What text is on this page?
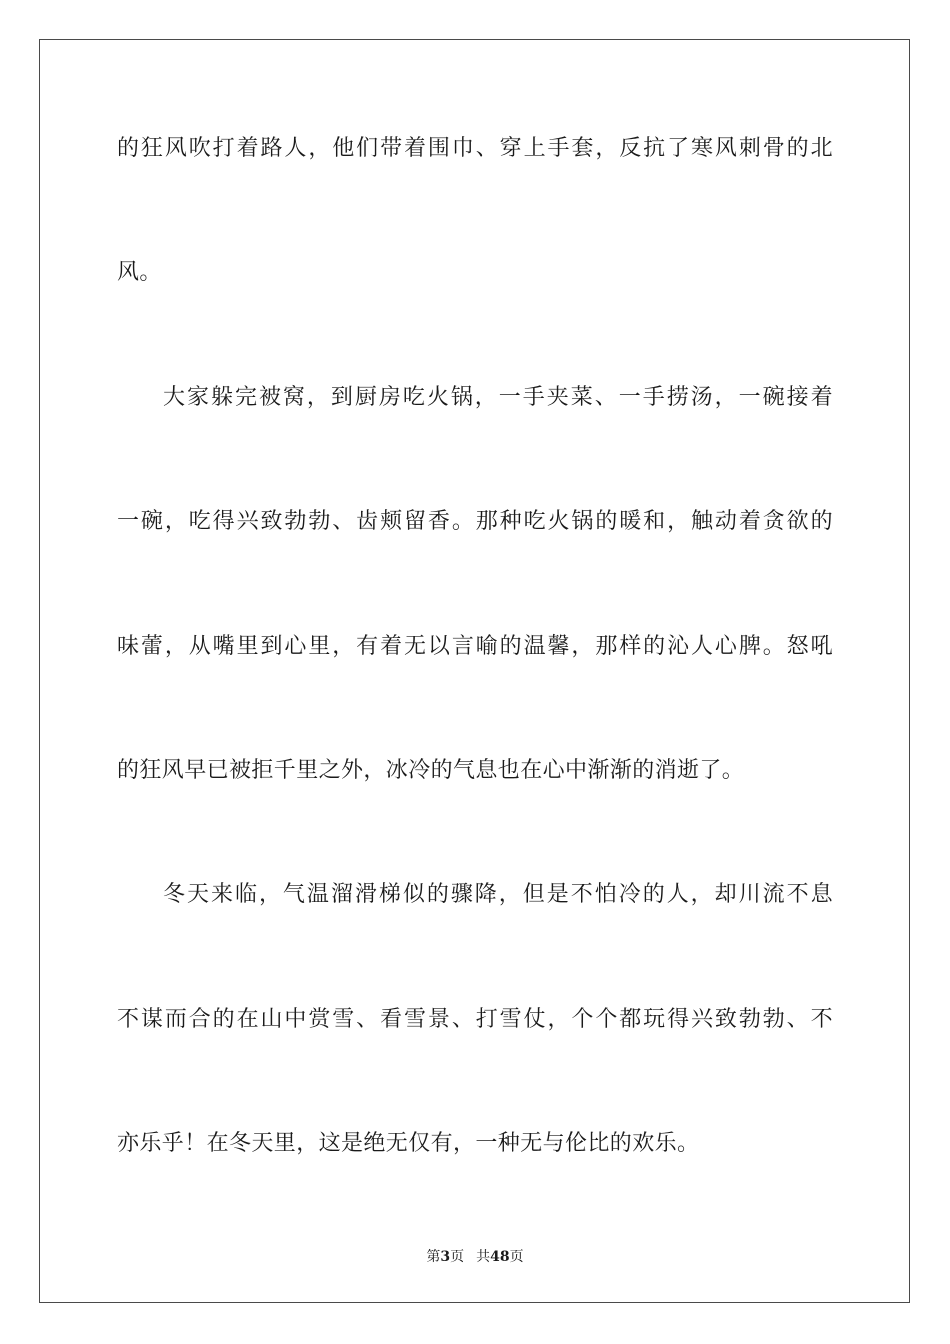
的狂风吹打着路人，他们带着围巾、穿上手套，反抗了寒风刺骨的北
风。
大家躲完被窝，到厨房吃火锅，一手夹菜、一手捞汤，一碗接着
一碗，吃得兴致勃勃、齿颊留香。那种吃火锅的暖和，触动着贪欲的
味蕾，从嘴里到心里，有着无以言喻的温馨，那样的沁人心脾。怒吼
的狂风早已被拒千里之外，冰冷的气息也在心中渐渐的消逝了。
冬天来临，气温溜滑梯似的骤降，但是不怕冷的人，却川流不息
不谋而合的在山中赏雪、看雪景、打雪仗，个个都玩得兴致勃勃、不
亦乐乎！在冬天里，这是绝无仅有，一种无与伦比的欢乐。
第3页 共48页
